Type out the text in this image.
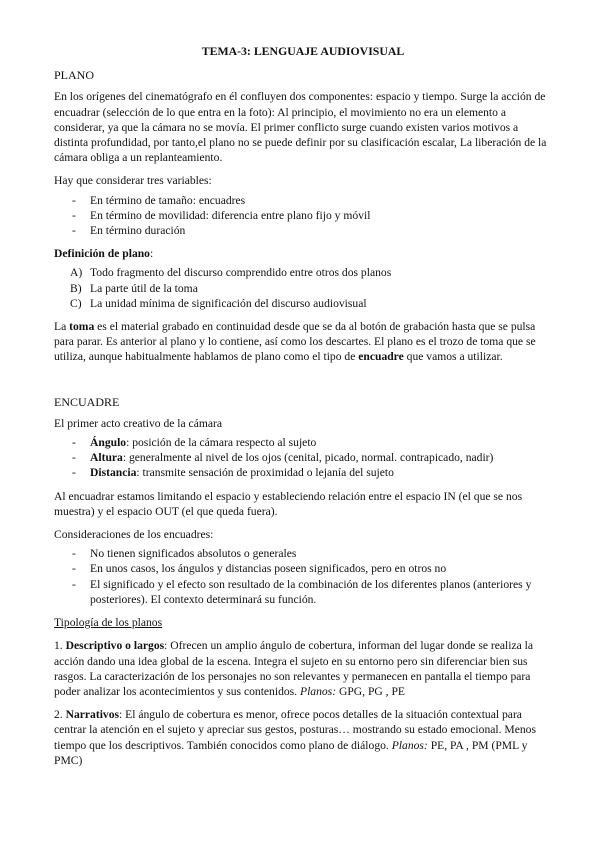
TEMA-3: LENGUAJE AUDIOVISUAL
PLANO
En los orígenes del cinematógrafo en él confluyen dos componentes: espacio y tiempo. Surge la acción de encuadrar (selección de lo que entra en la foto): Al principio, el movimiento no era un elemento a considerar, ya que la cámara no se movía. El primer conflicto surge cuando existen varios motivos a distinta profundidad, por tanto,el plano no se puede definir por su clasificación escalar, La liberación de la cámara obliga a un replanteamiento.
Hay que considerar tres variables:
- En término de tamaño: encuadres
- En término de movilidad: diferencia entre plano fijo y móvil
- En término duración
Definición de plano:
A) Todo fragmento del discurso comprendido entre otros dos planos
B) La parte útil de la toma
C) La unidad mínima de significación del discurso audiovisual
La toma es el material grabado en continuidad desde que se da al botón de grabación hasta que se pulsa para parar. Es anterior al plano y lo contiene, así como los descartes. El plano es el trozo de toma que se utiliza, aunque habitualmente hablamos de plano como el tipo de encuadre que vamos a utilizar.
ENCUADRE
El primer acto creativo de la cámara
- Ángulo: posición de la cámara respecto al sujeto
- Altura: generalmente al nivel de los ojos (cenital, picado, normal. contrapicado, nadir)
- Distancia: transmite sensación de proximidad o lejanía del sujeto
Al encuadrar estamos limitando el espacio y estableciendo relación entre el espacio IN (el que se nos muestra) y el espacio OUT (el que queda fuera).
Consideraciones de los encuadres:
- No tienen significados absolutos o generales
- En unos casos, los ángulos y distancias poseen significados, pero en otros no
- El significado y el efecto son resultado de la combinación de los diferentes planos (anteriores y posteriores). El contexto determinará su función.
Tipología de los planos
1. Descriptivo o largos: Ofrecen un amplio ángulo de cobertura, informan del lugar donde se realiza la acción dando una idea global de la escena. Integra el sujeto en su entorno pero sin diferenciar bien sus rasgos. La caracterización de los personajes no son relevantes y permanecen en pantalla el tiempo para poder analizar los acontecimientos y sus contenidos. Planos: GPG, PG , PE
2. Narrativos: El ángulo de cobertura es menor, ofrece pocos detalles de la situación contextual para centrar la atención en el sujeto y apreciar sus gestos, posturas… mostrando su estado emocional. Menos tiempo que los descriptivos. También conocidos como plano de diálogo. Planos: PE, PA , PM (PML y PMC)
